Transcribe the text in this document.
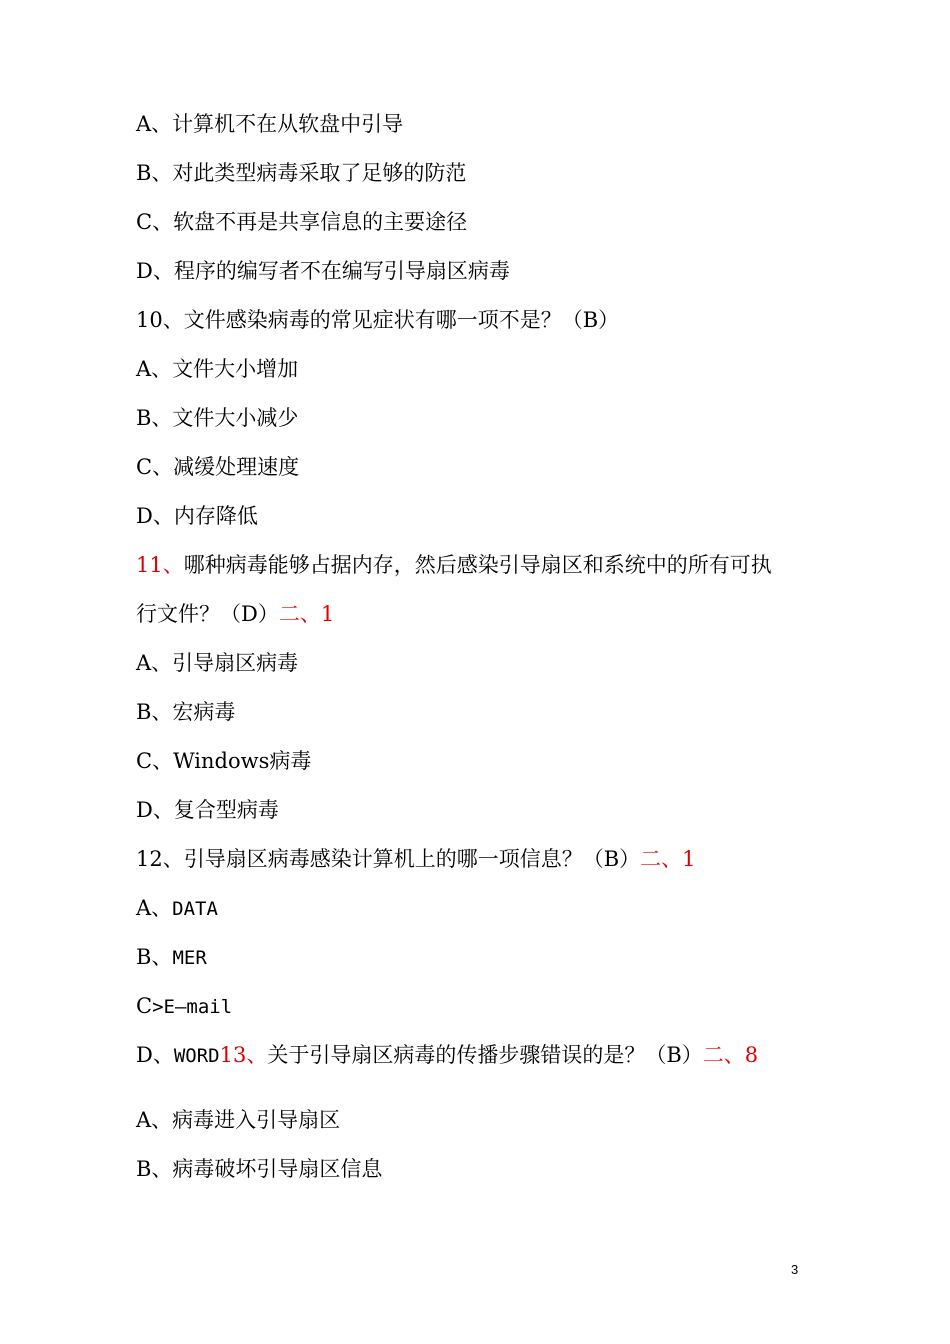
A、计算机不在从软盘中引导
B、对此类型病毒采取了足够的防范
C、软盘不再是共享信息的主要途径
D、程序的编写者不在编写引导扇区病毒
10、文件感染病毒的常见症状有哪一项不是？（B）
A、文件大小增加
B、文件大小减少
C、减缓处理速度
D、内存降低
11、哪种病毒能够占据内存，然后感染引导扇区和系统中的所有可执
行文件？（D）二、1
A、引导扇区病毒
B、宏病毒
C、Windows病毒
D、复合型病毒
12、引导扇区病毒感染计算机上的哪一项信息？（B）二、1
A、DATA
B、MER
C>E—mail
D、WORD13、关于引导扇区病毒的传播步骤错误的是？（B）二、8
A、病毒进入引导扇区
B、病毒破坏引导扇区信息
3
